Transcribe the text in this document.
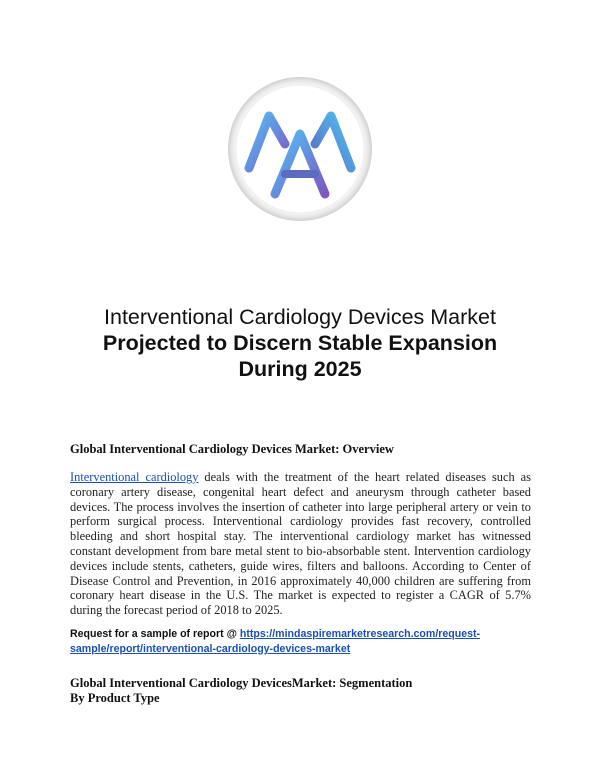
Interventional Cardiology Devices Market
Projected to Discern Stable Expansion
During 2025
Global Interventional Cardiology Devices Market: Overview
Interventional cardiology deals with the treatment of the heart related diseases such as coronary artery disease, congenital heart defect and aneurysm through catheter based devices. The process involves the insertion of catheter into large peripheral artery or vein to perform surgical process. Interventional cardiology provides fast recovery, controlled bleeding and short hospital stay. The interventional cardiology market has witnessed constant development from bare metal stent to bio-absorbable stent. Intervention cardiology devices include stents, catheters, guide wires, filters and balloons. According to Center of Disease Control and Prevention, in 2016 approximately 40,000 children are suffering from coronary heart disease in the U.S. The market is expected to register a CAGR of 5.7% during the forecast period of 2018 to 2025.
Request for a sample of report @ https://mindaspiremarketresearch.com/request-
sample/report/interventional-cardiology-devices-market
Global Interventional Cardiology DevicesMarket: Segmentation
By Product Type
